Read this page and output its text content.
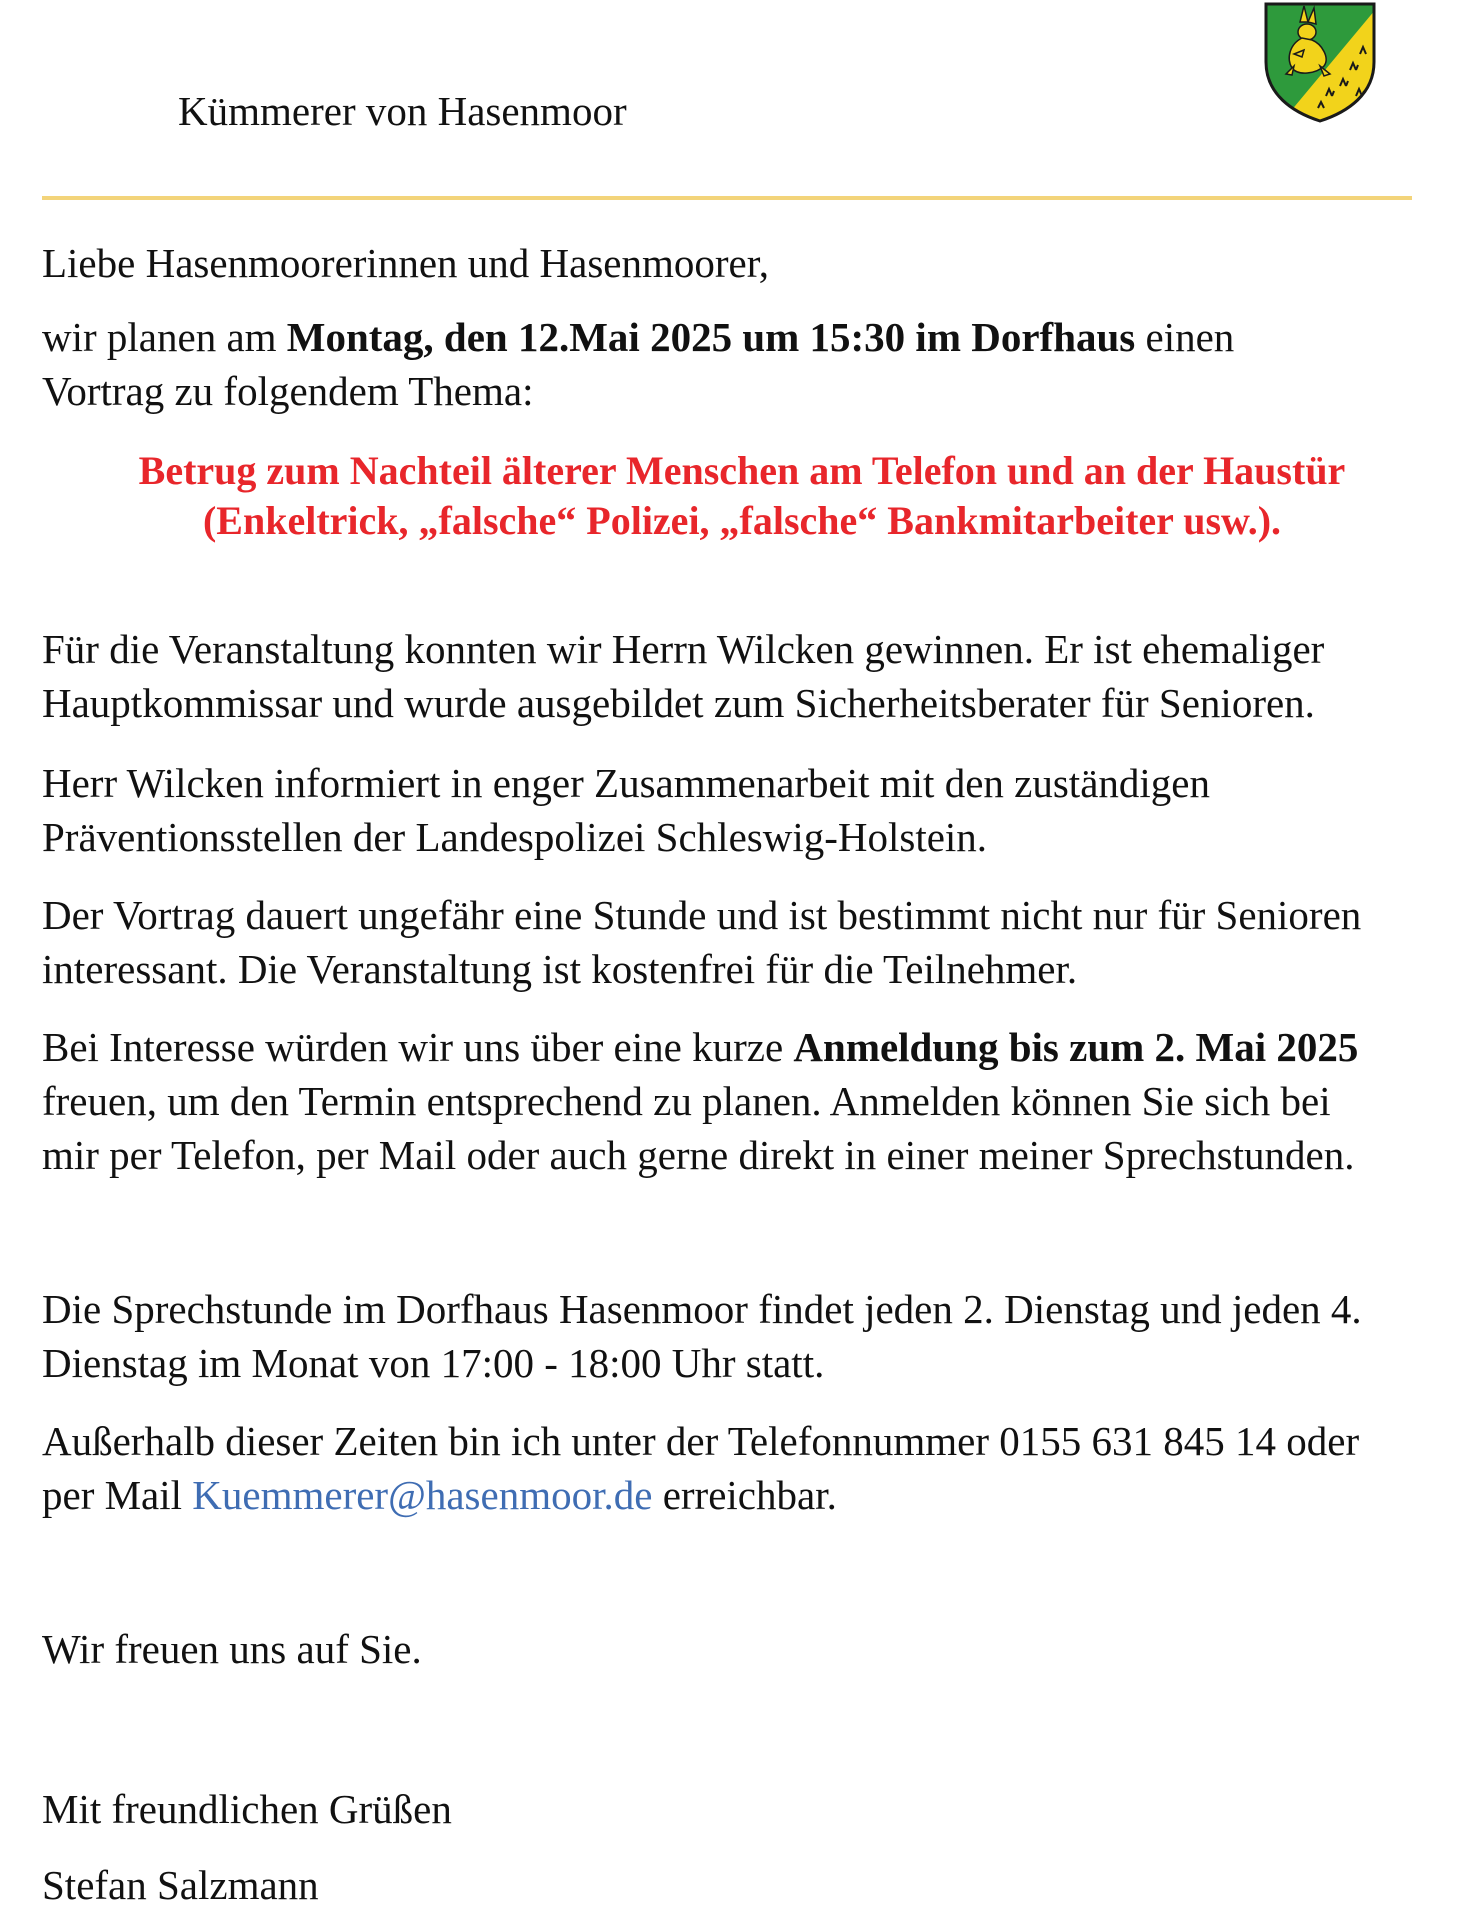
Kümmerer von Hasenmoor

Liebe Hasenmoorerinnen und Hasenmoorer,

wir planen am Montag, den 12.Mai 2025 um 15:30 im Dorfhaus einen
Vortrag zu folgendem Thema:

Betrug zum Nachteil älterer Menschen am Telefon und an der Haustür
(Enkeltrick, „falsche“ Polizei, „falsche“ Bankmitarbeiter usw.).

Für die Veranstaltung konnten wir Herrn Wilcken gewinnen. Er ist ehemaliger
Hauptkommissar und wurde ausgebildet zum Sicherheitsberater für Senioren.

Herr Wilcken informiert in enger Zusammenarbeit mit den zuständigen
Präventionsstellen der Landespolizei Schleswig-Holstein.

Der Vortrag dauert ungefähr eine Stunde und ist bestimmt nicht nur für Senioren
interessant. Die Veranstaltung ist kostenfrei für die Teilnehmer.

Bei Interesse würden wir uns über eine kurze Anmeldung bis zum 2. Mai 2025
freuen, um den Termin entsprechend zu planen. Anmelden können Sie sich bei
mir per Telefon, per Mail oder auch gerne direkt in einer meiner Sprechstunden.

Die Sprechstunde im Dorfhaus Hasenmoor findet jeden 2. Dienstag und jeden 4.
Dienstag im Monat von 17:00 - 18:00 Uhr statt.

Außerhalb dieser Zeiten bin ich unter der Telefonnummer 0155 631 845 14 oder
per Mail Kuemmerer@hasenmoor.de erreichbar.

Wir freuen uns auf Sie.

Mit freundlichen Grüßen

Stefan Salzmann
